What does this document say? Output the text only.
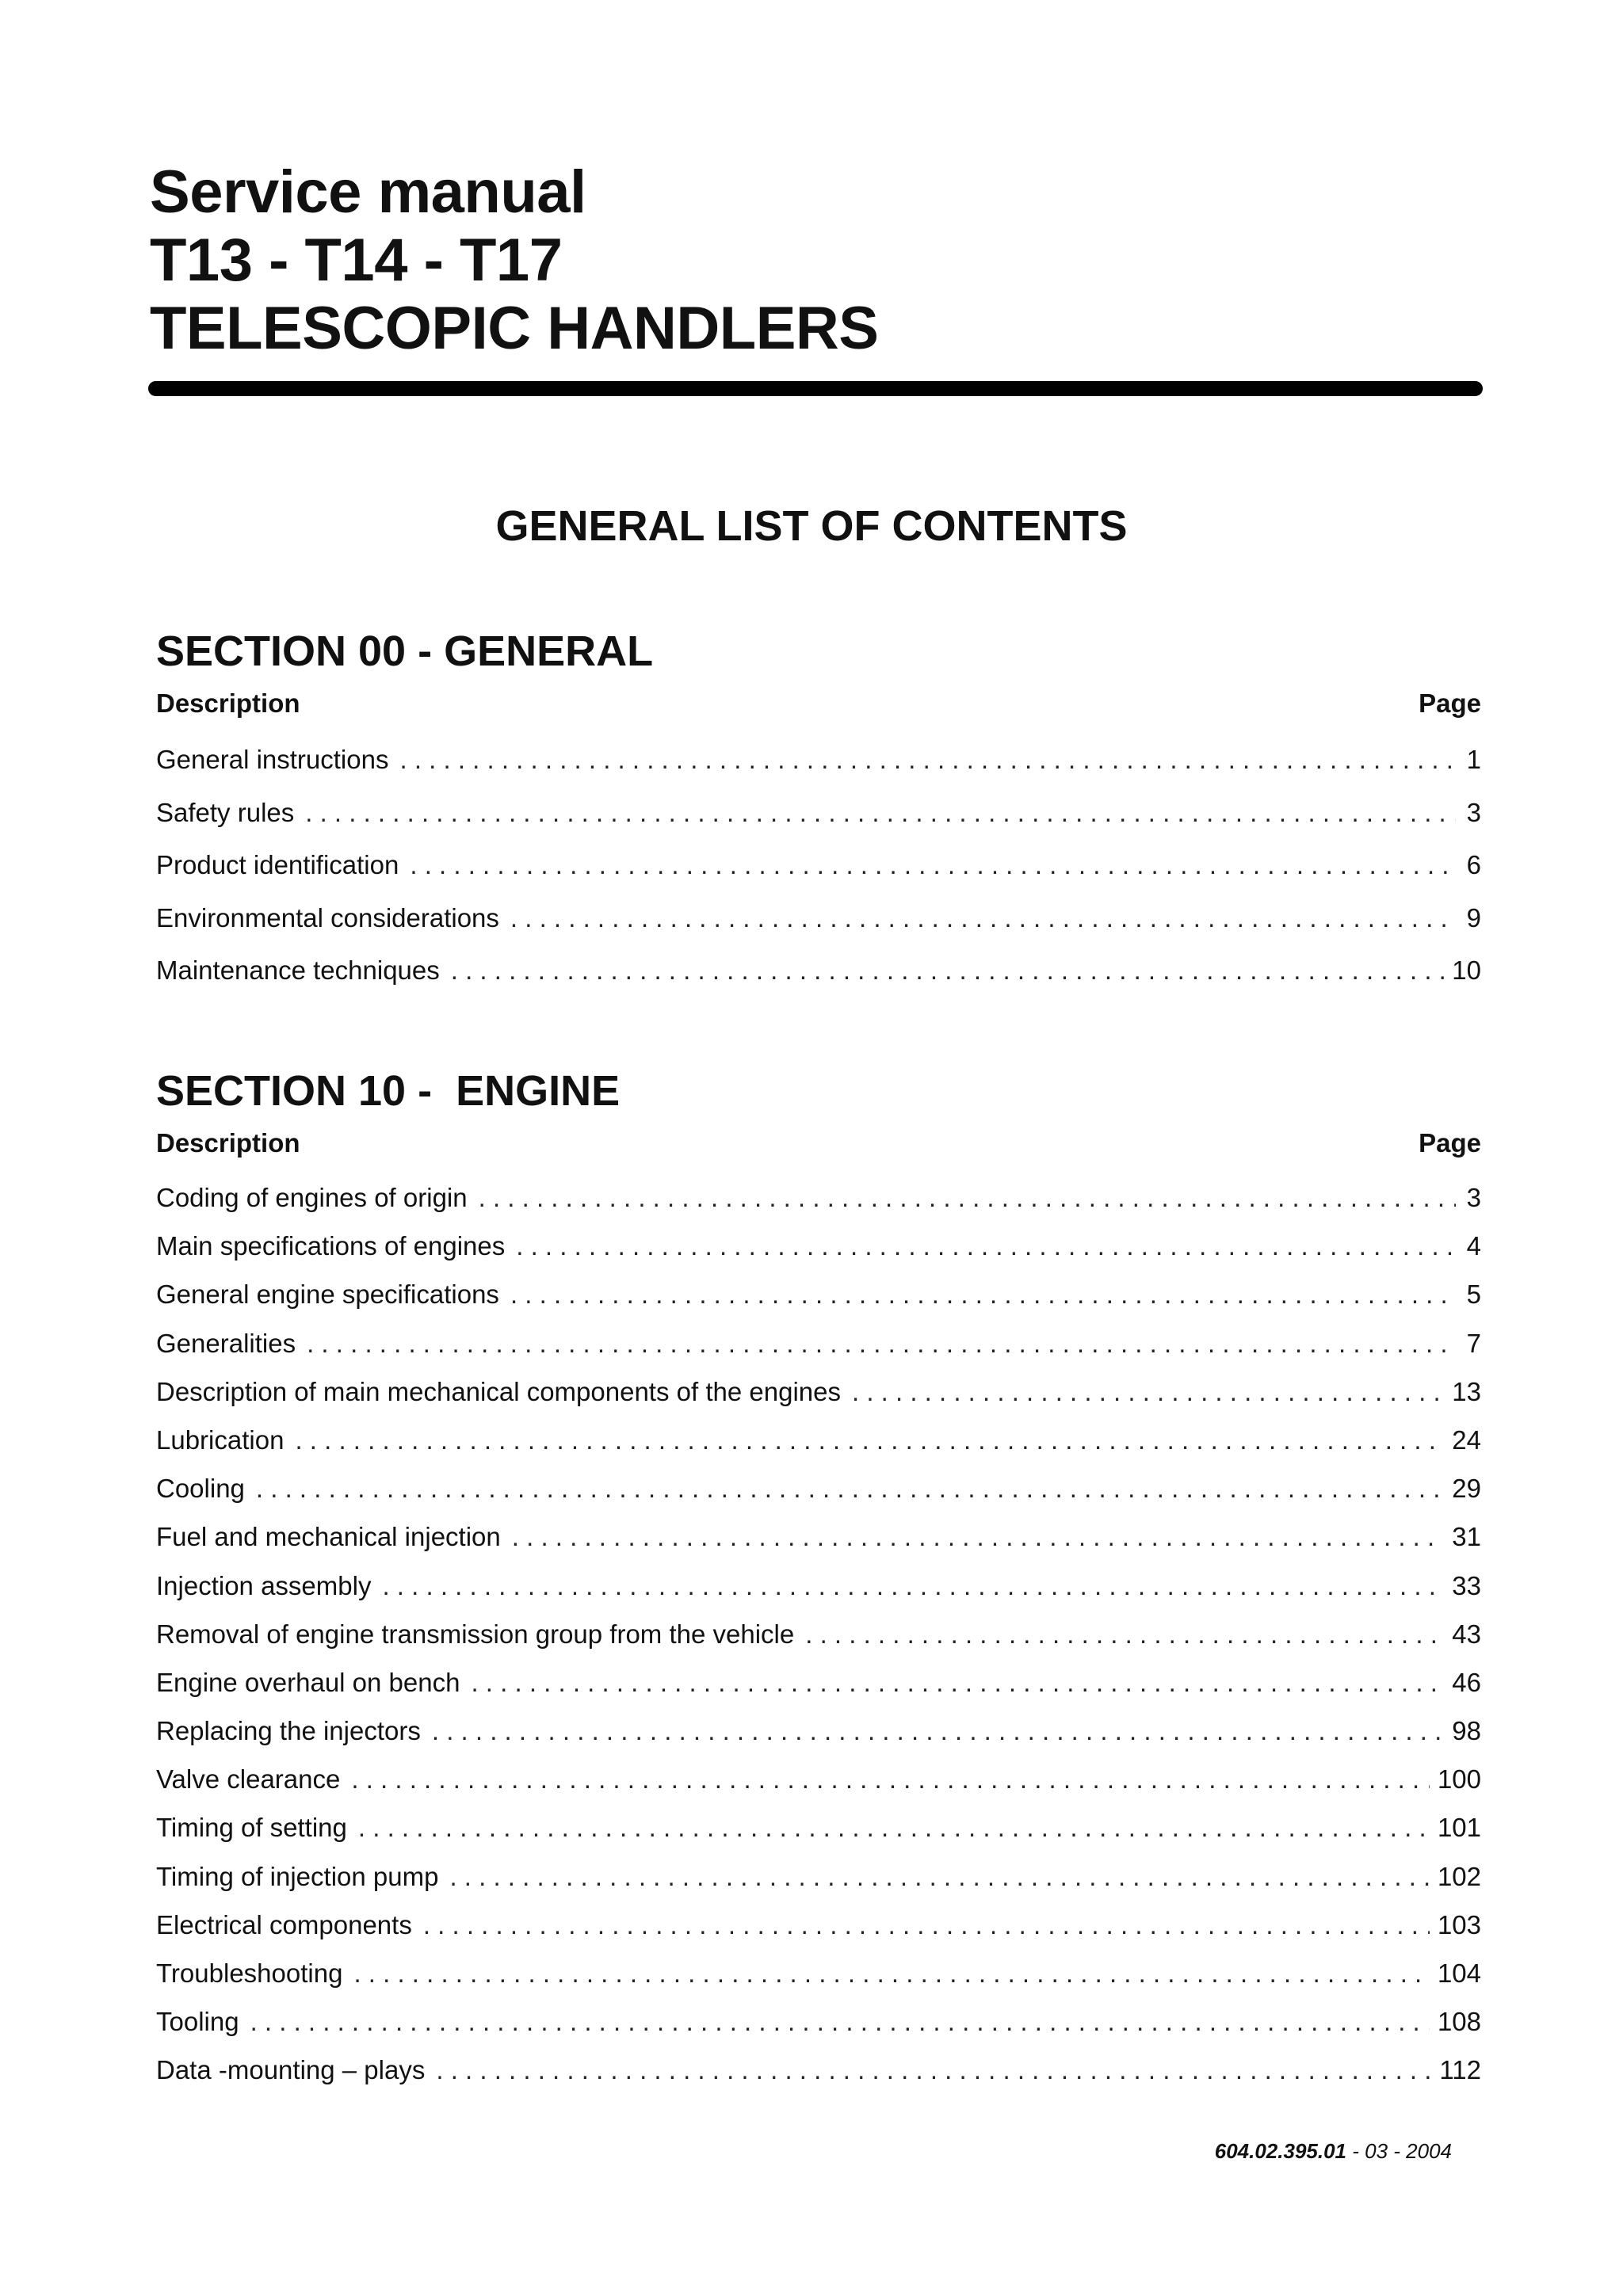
Service manual

T13 - T14 - T17

TELESCOPIC HANDLERS

GENERAL LIST OF CONTENTS
SECTION 00 - GENERAL
Description	Page
General instructions . . .	1
Safety rules . . .	3
Product identification . . .	6
Environmental considerations . . .	9
Maintenance techniques . . .	10
SECTION 10 -  ENGINE
Description	Page
Coding of engines of origin . . .	3
Main specifications of engines . . .	4
General engine specifications . . .	5
Generalities . . .	7
Description of main mechanical components of the engines . . .	13
Lubrication . . .	24
Cooling . . .	29
Fuel and mechanical injection . . .	31
Injection assembly . . .	33
Removal of engine transmission group from the vehicle . . .	43
Engine overhaul on bench . . .	46
Replacing the injectors . . .	98
Valve clearance . . .	100
Timing of setting . . .	101
Timing of injection pump . . .	102
Electrical components . . .	103
Troubleshooting . . .	104
Tooling . . .	108
Data -mounting – plays . . .	112
604.02.395.01 - 03 - 2004
